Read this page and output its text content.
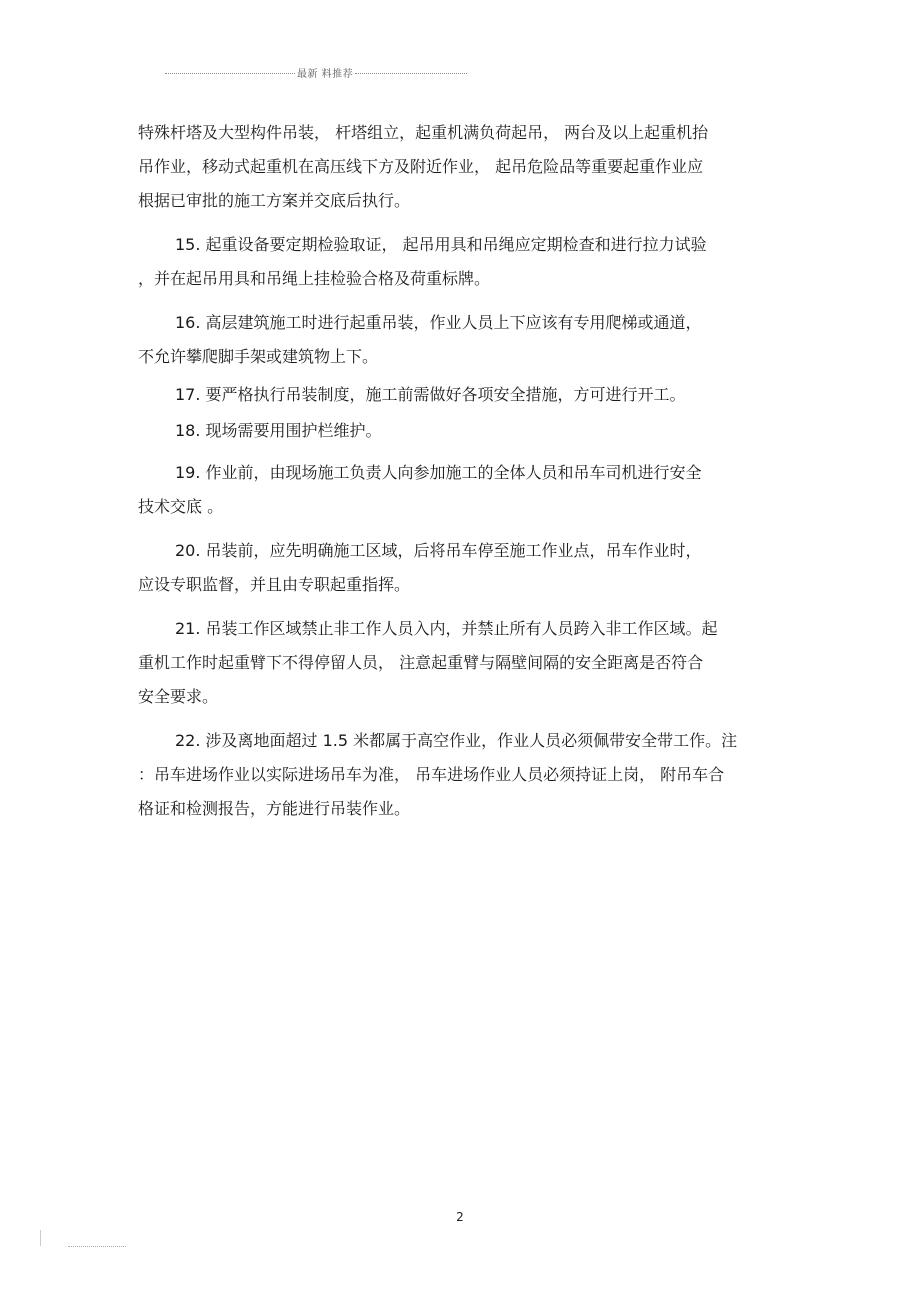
最新 料推荐
特殊杆塔及大型构件吊装， 杆塔组立，起重机满负荷起吊， 两台及以上起重机抬
吊作业，移动式起重机在高压线下方及附近作业， 起吊危险品等重要起重作业应
根据已审批的施工方案并交底后执行。
15. 起重设备要定期检验取证， 起吊用具和吊绳应定期检查和进行拉力试验
，并在起吊用具和吊绳上挂检验合格及荷重标牌。
16. 高层建筑施工时进行起重吊装，作业人员上下应该有专用爬梯或通道，
不允许攀爬脚手架或建筑物上下。
17. 要严格执行吊装制度，施工前需做好各项安全措施，方可进行开工。
18. 现场需要用围护栏维护。
19. 作业前，由现场施工负责人向参加施工的全体人员和吊车司机进行安全
技术交底 。
20. 吊装前，应先明确施工区域，后将吊车停至施工作业点，吊车作业时，
应设专职监督，并且由专职起重指挥。
21. 吊装工作区域禁止非工作人员入内，并禁止所有人员跨入非工作区域。起
重机工作时起重臂下不得停留人员， 注意起重臂与隔壁间隔的安全距离是否符合
安全要求。
22. 涉及离地面超过 1.5 米都属于高空作业，作业人员必须佩带安全带工作。注
：吊车进场作业以实际进场吊车为准， 吊车进场作业人员必须持证上岗， 附吊车合
格证和检测报告，方能进行吊装作业。
2
